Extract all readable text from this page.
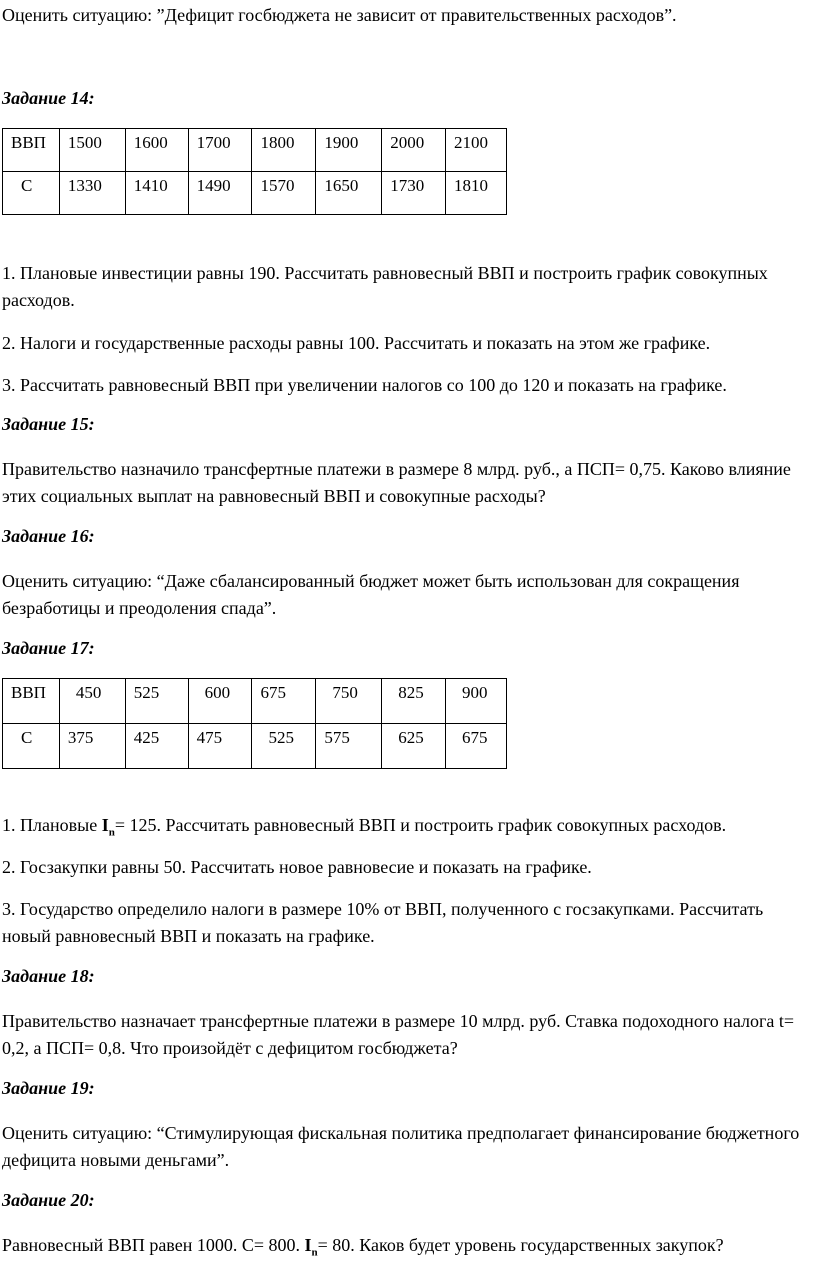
Оценить ситуацию: ”Дефицит госбюджета не зависит от правительственных расходов”.
Задание 14:
ВВП	1500	1600	1700	1800	1900	2000	2100
С	1330	1410	1490	1570	1650	1730	1810
1. Плановые инвестиции равны 190. Рассчитать равновесный ВВП и построить график совокупных расходов.
2. Налоги и государственные расходы равны 100. Рассчитать и показать на этом же графике.
3. Рассчитать равновесный ВВП при увеличении налогов со 100 до 120 и показать на графике.
Задание 15:
Правительство назначило трансфертные платежи в размере 8 млрд. руб., а ПСП= 0,75. Каково влияние этих социальных выплат на равновесный ВВП и совокупные расходы?
Задание 16:
Оценить ситуацию: “Даже сбалансированный бюджет может быть использован для сокращения безработицы и преодоления спада”.
Задание 17:
ВВП	450	525	600	675	750	825	900
С	375	425	475	525	575	625	675
1. Плановые $I_n= 125$. Рассчитать равновесный ВВП и построить график совокупных расходов.
2. Госзакупки равны 50. Рассчитать новое равновесие и показать на графике.
3. Государство определило налоги в размере 10% от ВВП, полученного с госзакупками. Рассчитать новый равновесный ВВП и показать на графике.
Задание 18:
Правительство назначает трансфертные платежи в размере 10 млрд. руб. Ставка подоходного налога t= 0,2, а ПСП= 0,8. Что произойдёт с дефицитом госбюджета?
Задание 19:
Оценить ситуацию: “Стимулирующая фискальная политика предполагает финансирование бюджетного дефицита новыми деньгами”.
Задание 20:
Равновесный ВВП равен 1000. С= 800. $I_n= 80$. Каков будет уровень государственных закупок?
